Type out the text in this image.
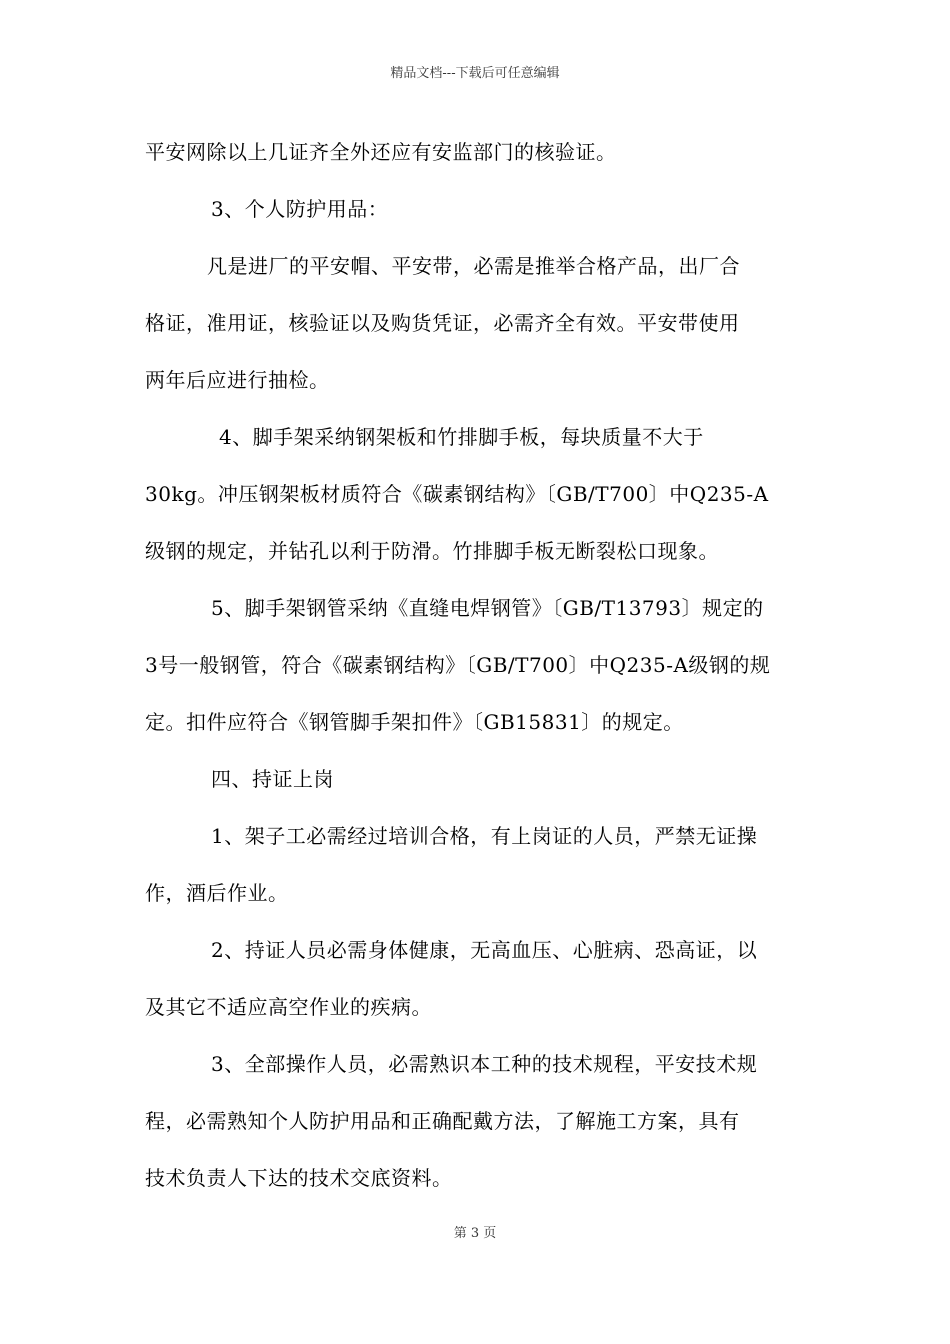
精品文档---下载后可任意编辑
平安网除以上几证齐全外还应有安监部门的核验证。
3、个人防护用品：
凡是进厂的平安帽、平安带，必需是推举合格产品，出厂合
格证，准用证，核验证以及购货凭证，必需齐全有效。平安带使用
两年后应进行抽检。
4、脚手架采纳钢架板和竹排脚手板，每块质量不大于
30kg。冲压钢架板材质符合《碳素钢结构》〔GB/T700〕中Q235-A
级钢的规定，并钻孔以利于防滑。竹排脚手板无断裂松口现象。
5、脚手架钢管采纳《直缝电焊钢管》〔GB/T13793〕规定的
3号一般钢管，符合《碳素钢结构》〔GB/T700〕中Q235-A级钢的规
定。扣件应符合《钢管脚手架扣件》〔GB15831〕的规定。
四、持证上岗
1、架子工必需经过培训合格，有上岗证的人员，严禁无证操
作，酒后作业。
2、持证人员必需身体健康，无高血压、心脏病、恐高证，以
及其它不适应高空作业的疾病。
3、全部操作人员，必需熟识本工种的技术规程，平安技术规
程，必需熟知个人防护用品和正确配戴方法，了解施工方案，具有
技术负责人下达的技术交底资料。
第 3 页
